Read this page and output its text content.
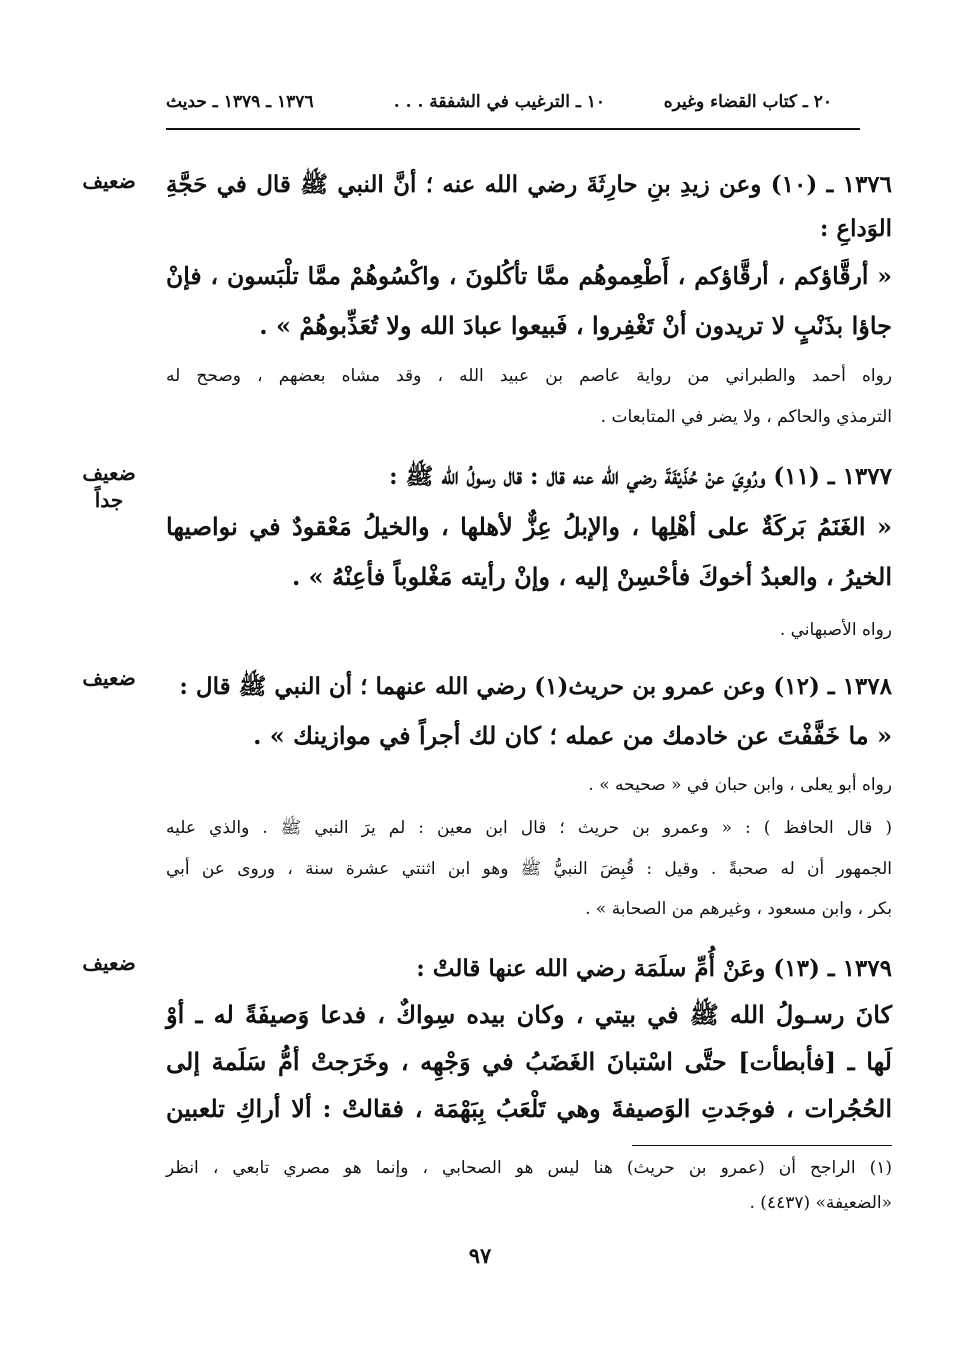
٢٠ ـ كتاب القضاء وغيره
١٠ ـ الترغيب في الشفقة . . .
١٣٧٦ ـ ١٣٧٩ ـ حديث
ضعيف	١٣٧٦ ـ (١٠) وعن زيدِ بنِ حارِثَةَ رضي الله عنه ؛ أنَّ النبي ﷺ قال في حَجَّةِ
الوَداعِ :
« أرقَّاؤكم ، أرقَّاؤكم ، أَطْعِموهُم ممَّا تأكُلونَ ، واكْسُوهُمْ ممَّا تلْبَسون ، فإنْ
جاؤا بذَنْبٍ لا تريدون أنْ تَغْفِروا ، فَبيعوا عبادَ الله ولا تُعَذِّبوهُمْ » .
رواه أحمد والطبراني من رواية عاصم بن عبيد الله ، وقد مشاه بعضهم ، وصحح له
الترمذي والحاكم ، ولا يضر في المتابعات .
ضعيف
جداً
١٣٧٧ ـ (١١) ورُوِيَ عنْ حُذَيْفَةَ رضي الله عنه قال : قال رسولُ الله ﷺ :
« الغَنَمُ بَركَةٌ على أهْلِها ، والإبلُ عِزٌّ لأهلها ، والخيلُ مَعْقودٌ في نواصيها
الخيرُ ، والعبدُ أخوكَ فأحْسِنْ إليه ، وإنْ رأيته مَغْلوباً فأعِنْهُ » .
رواه الأصبهاني .
ضعيف	١٣٧٨ ـ (١٢) وعن عمرو بن حريث(١) رضي الله عنهما ؛ أن النبي ﷺ قال :
« ما خَفَّفْتَ عن خادمك من عمله ؛ كان لك أجراً في موازينك » .
رواه أبو يعلى ، وابن حبان في « صحيحه » .
( قال الحافظ ) : « وعمرو بن حريث ؛ قال ابن معين : لم يرَ النبي ﷺ . والذي عليه
الجمهور أن له صحبةً . وقيل : قُبِضَ النبيُّ ﷺ وهو ابن اثنتي عشرة سنة ، وروى عن أبي
بكر ، وابن مسعود ، وغيرهم من الصحابة » .
ضعيف	١٣٧٩ ـ (١٣) وعَنْ أُمِّ سلَمَة رضي الله عنها قالتْ :
كانَ رسـولُ الله ﷺ في بيتي ، وكان بيده سِواكٌ ، فدعا وَصيفَةً له ـ أوْ
لَها ـ [فأبطأت] حتَّى اسْتبانَ الغَضَبُ في وَجْهِه ، وخَرَجتْ أمُّ سَلَمة إلى
الحُجُرات ، فوجَدتِ الوَصيفةَ وهي تَلْعَبُ بِبَهْمَة ، فقالتْ : ألا أراكِ تلعبين
(١) الراجح أن (عمرو بن حريث) هنا ليس هو الصحابي ، وإنما هو مصري تابعي ، انظر
«الضعيفة» (٤٤٣٧) .
٩٧
